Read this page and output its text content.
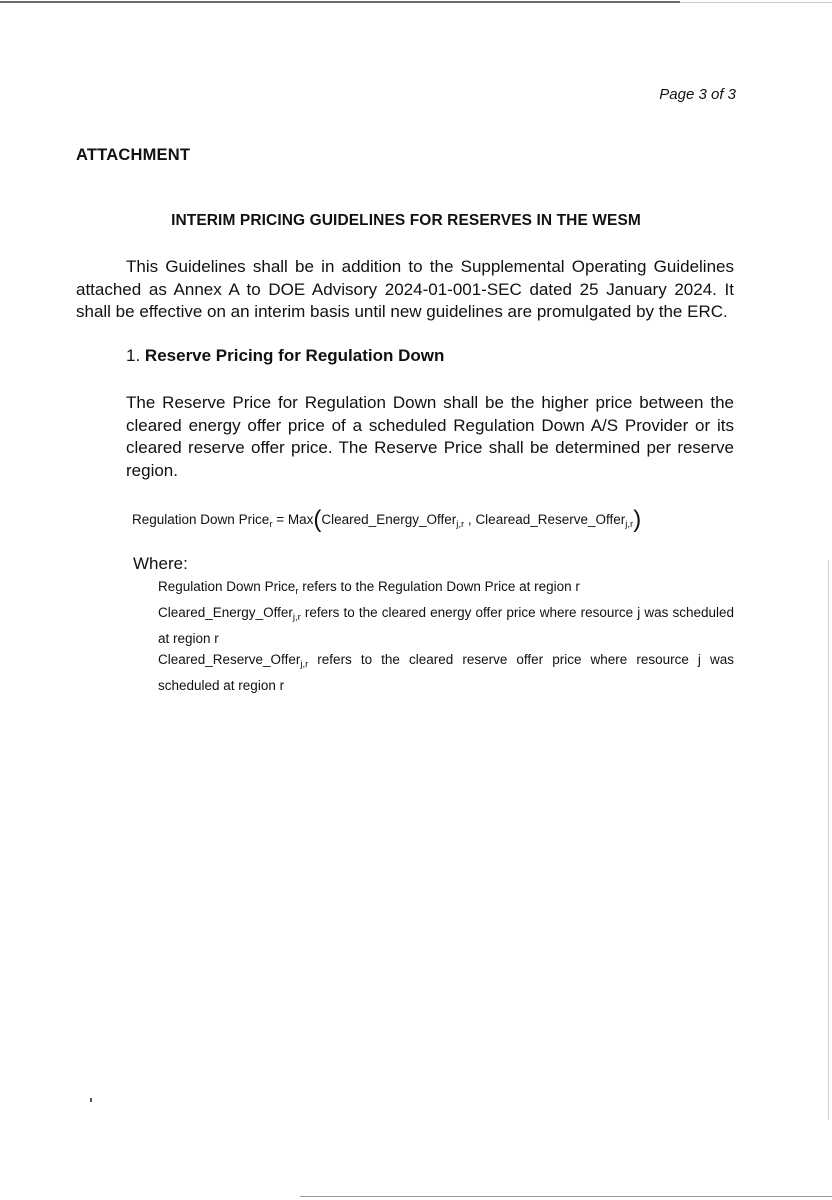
Page 3 of 3
ATTACHMENT
INTERIM PRICING GUIDELINES FOR RESERVES IN THE WESM

This Guidelines shall be in addition to the Supplemental Operating Guidelines attached as Annex A to DOE Advisory 2024-01-001-SEC dated 25 January 2024. It shall be effective on an interim basis until new guidelines are promulgated by the ERC.

1. Reserve Pricing for Regulation Down

The Reserve Price for Regulation Down shall be the higher price between the cleared energy offer price of a scheduled Regulation Down A/S Provider or its cleared reserve offer price. The Reserve Price shall be determined per reserve region.

Regulation Down Price$_r$ = Max(Cleared_Energy_Offer$_{j,r}$ , Clearead_Reserve_Offer$_{j,r}$)
Where:

Regulation Down Price$_r$ refers to the Regulation Down Price at region r

Cleared_Energy_Offer$_{j,r}$ refers to the cleared energy offer price where resource j was scheduled at region r

Cleared_Reserve_Offer$_{j,r}$ refers to the cleared reserve offer price where resource j was scheduled at region r
